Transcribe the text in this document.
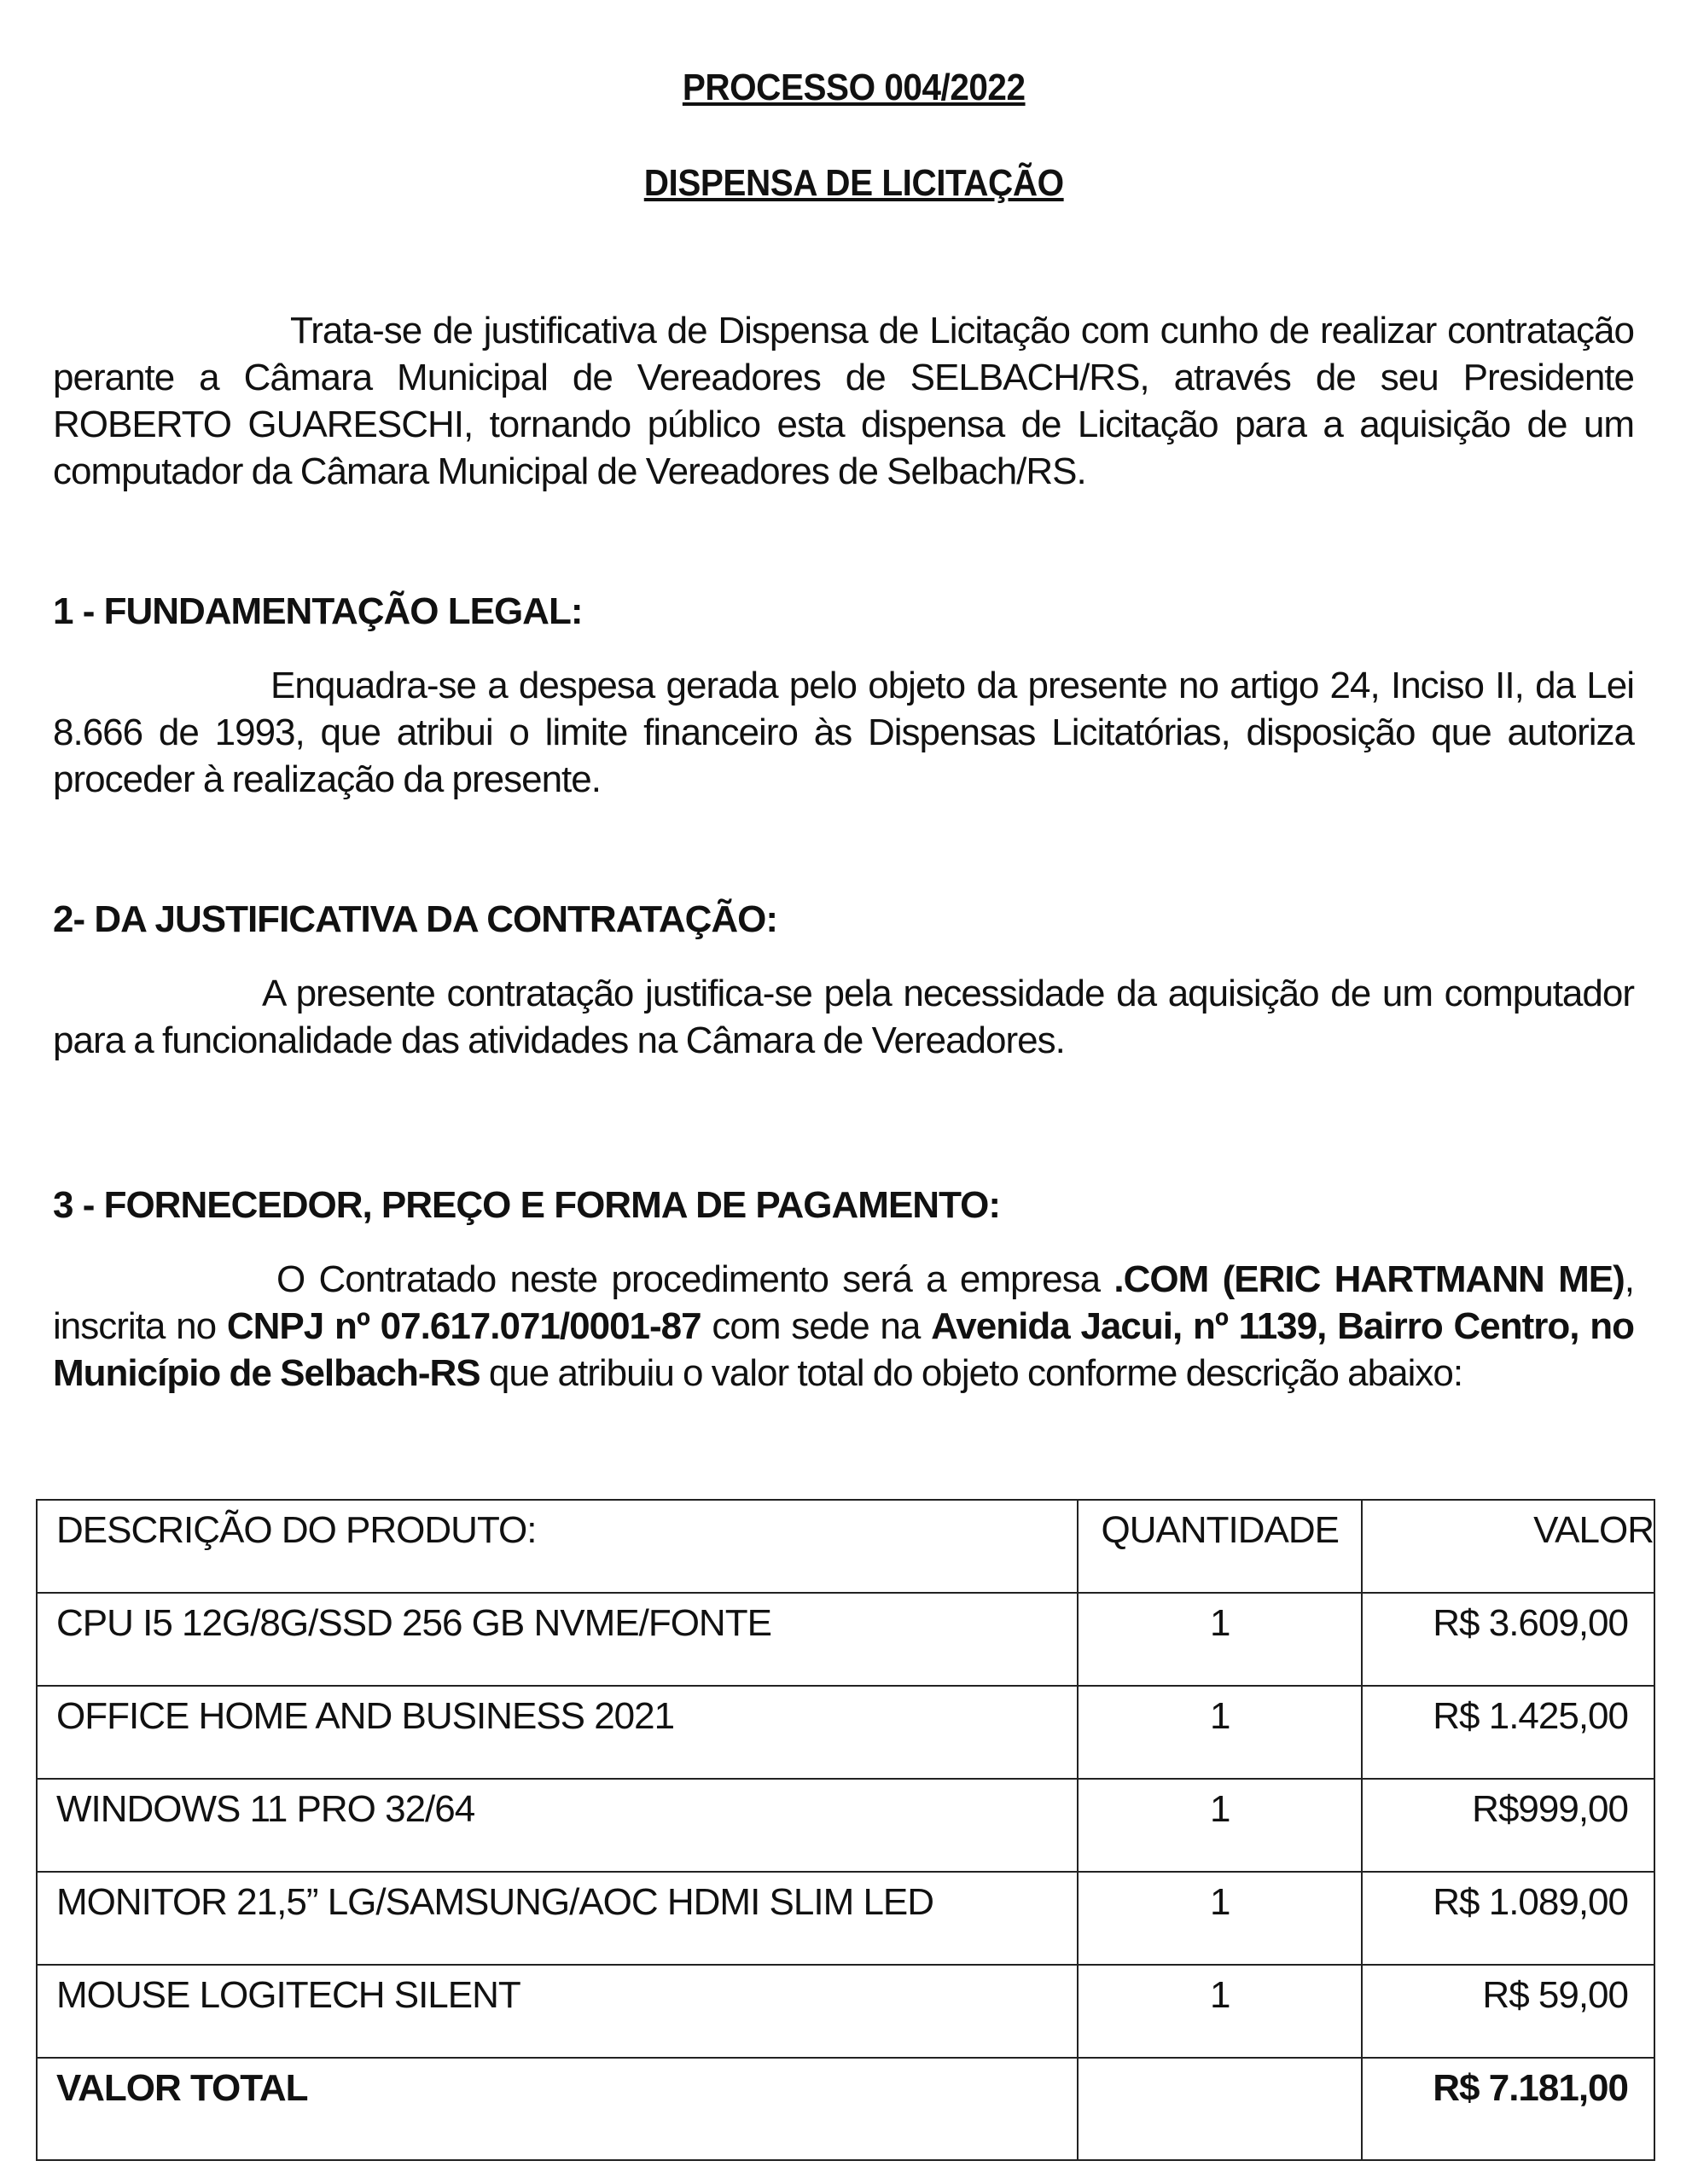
PROCESSO 004/2022
DISPENSA DE LICITAÇÃO

Trata-se de justificativa de Dispensa de Licitação com cunho de realizar contratação perante a Câmara Municipal de Vereadores de SELBACH/RS, através de seu Presidente ROBERTO GUARESCHI, tornando público esta dispensa de Licitação para a aquisição de um computador da Câmara Municipal de Vereadores de Selbach/RS.

1 - FUNDAMENTAÇÃO LEGAL:

Enquadra-se a despesa gerada pelo objeto da presente no artigo 24, Inciso II, da Lei 8.666 de 1993, que atribui o limite financeiro às Dispensas Licitatórias, disposição que autoriza proceder à realização da presente.

2- DA JUSTIFICATIVA DA CONTRATAÇÃO:

A presente contratação justifica-se pela necessidade da aquisição de um computador para a funcionalidade das atividades na Câmara de Vereadores.

3 - FORNECEDOR, PREÇO E FORMA DE PAGAMENTO:

O Contratado neste procedimento será a empresa .COM (ERIC HARTMANN ME), inscrita no CNPJ nº 07.617.071/0001-87 com sede na Avenida Jacui, nº 1139, Bairro Centro, no Município de Selbach-RS que atribuiu o valor total do objeto conforme descrição abaixo:

DESCRIÇÃO DO PRODUTO:	QUANTIDADE	VALOR
CPU I5 12G/8G/SSD 256 GB NVME/FONTE	1	R$ 3.609,00
OFFICE HOME AND BUSINESS 2021	1	R$ 1.425,00
WINDOWS 11 PRO 32/64	1	R$999,00
MONITOR 21,5” LG/SAMSUNG/AOC HDMI SLIM LED	1	R$ 1.089,00
MOUSE LOGITECH SILENT	1	R$ 59,00
VALOR TOTAL		R$ 7.181,00
